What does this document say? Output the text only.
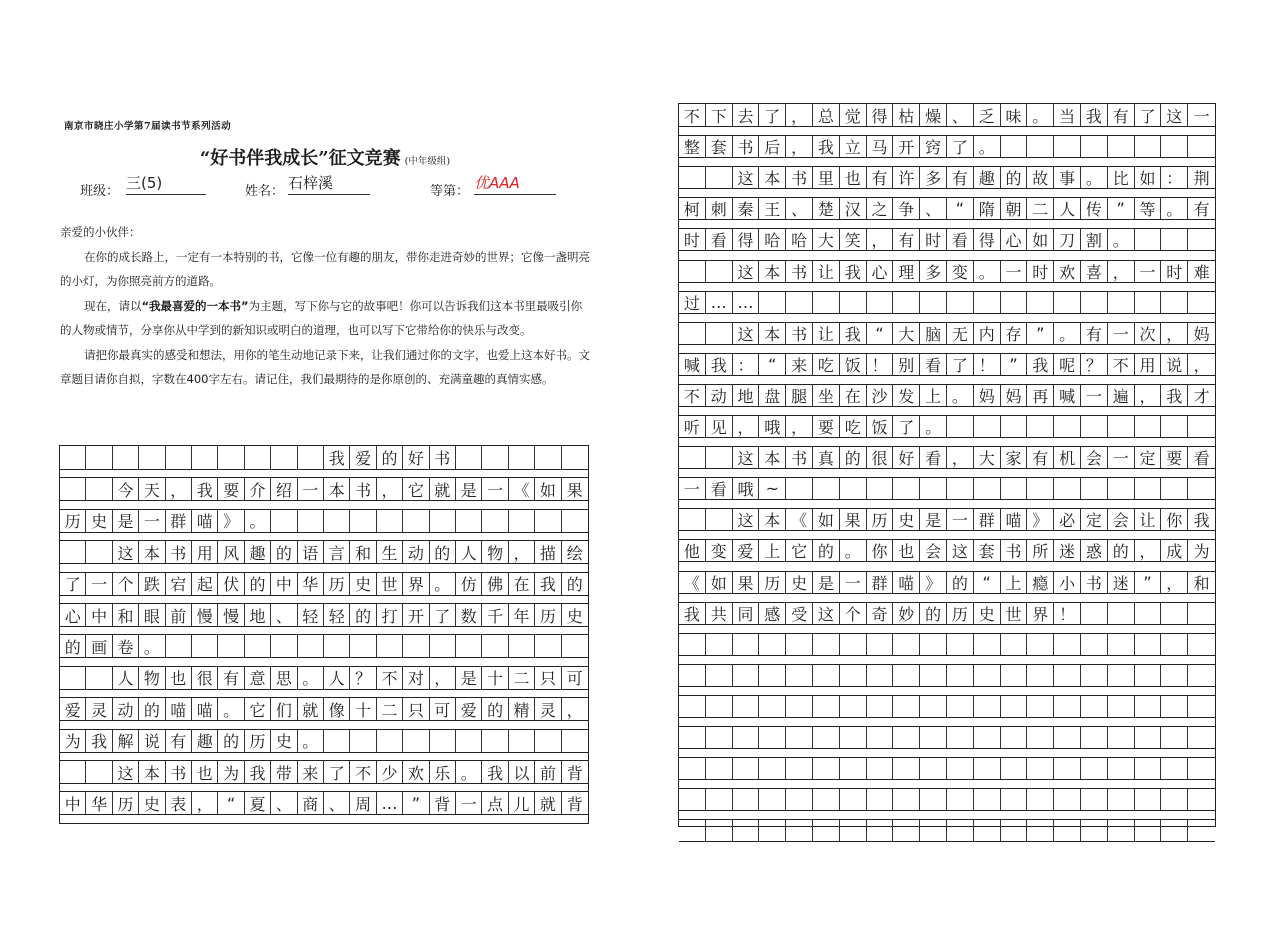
南京市晓庄小学第7届读书节系列活动
“好书伴我成长”征文竞赛 (中年级组)
班级： 三(5)	姓名： 石梓溪	等第： 优AAA

亲爱的小伙伴：

在你的成长路上，一定有一本特别的书，它像一位有趣的朋友，带你走进奇妙的世界；它像一盏明亮的小灯，为你照亮前方的道路。

现在，请以“我最喜爱的一本书”为主题，写下你与它的故事吧！你可以告诉我们这本书里最吸引你的人物或情节，分享你从中学到的新知识或明白的道理，也可以写下它带给你的快乐与改变。

请把你最真实的感受和想法，用你的笔生动地记录下来，让我们通过你的文字，也爱上这本好书。文章题目请你自拟，字数在400字左右。请记住，我们最期待的是你原创的、充满童趣的真情实感。

我 爱 的 好 书
今 天 ， 我 要 介 绍 一 本 书 ， 它 就 是 一 《 如 果
历 史 是 一 群 喵 》 。
这 本 书 用 风 趣 的 语 言 和 生 动 的 人 物 ， 描 绘
了 一 个 跌 宕 起 伏 的 中 华 历 史 世 界 。 仿 佛 在 我 的
心 中 和 眼 前 慢 慢 地 、 轻 轻 的 打 开 了 数 千 年 历 史
的 画 卷 。
人 物 也 很 有 意 思 。 人 ？ 不 对 ， 是 十 二 只 可
爱 灵 动 的 喵 喵 。 它 们 就 像 十 二 只 可 爱 的 精 灵 ，
为 我 解 说 有 趣 的 历 史 。
这 本 书 也 为 我 带 来 了 不 少 欢 乐 。 我 以 前 背
中 华 历 史 表 ， “ 夏 、 商 、 周 … ” 背 一 点 儿 就 背
不 下 去 了 ， 总 觉 得 枯 燥 、 乏 味 。 当 我 有 了 这 一
整 套 书 后 ， 我 立 马 开 窍 了 。
这 本 书 里 也 有 许 多 有 趣 的 故 事 。 比 如 ： 荆
柯 刺 秦 王 、 楚 汉 之 争 、 “ 隋 朝 二 人 传 ” 等 。 有
时 看 得 哈 哈 大 笑 ， 有 时 看 得 心 如 刀 割 。
这 本 书 让 我 心 理 多 变 。 一 时 欢 喜 ， 一 时 难
过 … …
这 本 书 让 我 “ 大 脑 无 内 存 ” 。 有 一 次 ， 妈
喊 我 ： “ 来 吃 饭 ！ 别 看 了 ！ ” 我 呢 ？ 不 用 说 ，
不 动 地 盘 腿 坐 在 沙 发 上 。 妈 妈 再 喊 一 遍 ， 我 才
听 见 ， 哦 ， 要 吃 饭 了 。
这 本 书 真 的 很 好 看 ， 大 家 有 机 会 一 定 要 看
一 看 哦 ~
这 本 《 如 果 历 史 是 一 群 喵 》 必 定 会 让 你 我
他 变 爱 上 它 的 。 你 也 会 这 套 书 所 迷 惑 的 ， 成 为
《 如 果 历 史 是 一 群 喵 》 的 “ 上 瘾 小 书 迷 ” ， 和
我 共 同 感 受 这 个 奇 妙 的 历 史 世 界 ！
